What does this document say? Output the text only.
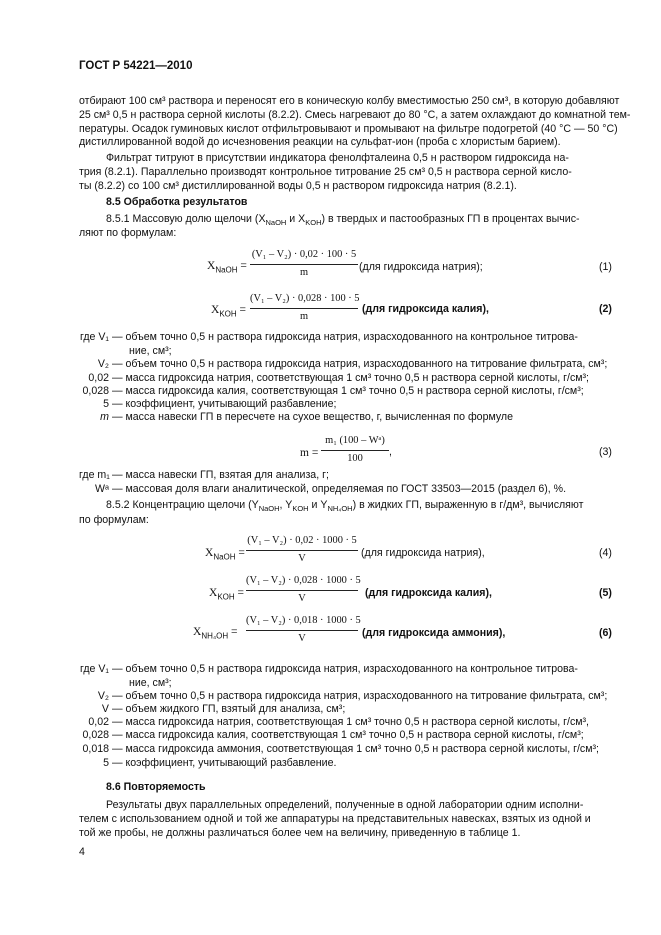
ГОСТ Р 54221—2010
отбирают 100 см³ раствора и переносят его в коническую колбу вместимостью 250 см³, в которую добавляют
25 см³ 0,5 н раствора серной кислоты (8.2.2). Смесь нагревают до 80 °С, а затем охлаждают до комнатной тем-
пературы. Осадок гуминовых кислот отфильтровывают и промывают на фильтре подогретой (40 °С — 50 °С)
дистиллированной водой до исчезновения реакции на сульфат-ион (проба с хлористым барием).
Фильтрат титруют в присутствии индикатора фенолфталеина 0,5 н раствором гидроксида на-
трия (8.2.1). Параллельно производят контрольное титрование 25 см³ 0,5 н раствора серной кисло-
ты (8.2.2) со 100 см³ дистиллированной воды 0,5 н раствором гидроксида натрия (8.2.1).
8.5 Обработка результатов
8.5.1 Массовую долю щелочи ($X_{NaOH}$ и $X_{KOH}$) в твердых и пастообразных ГП в процентах вычис-
ляют по формулам:
$X_{NaOH}$ =
(V₁ – V₂) · 0,02 · 100 · 5
m	(для гидроксида натрия);	(1)
$X_{KOH}$ =
(V₁ – V₂) · 0,028 · 100 · 5
m
(для гидроксида калия),	(2)
где V₁ — объем точно 0,5 н раствора гидроксида натрия, израсходованного на контрольное титрова-
ние, см³;
V₂ — объем точно 0,5 н раствора гидроксида натрия, израсходованного на титрование фильтрата, см³;
0,02 — масса гидроксида натрия, соответствующая 1 см³ точно 0,5 н раствора серной кислоты, г/см³;
0,028 — масса гидроксида калия, соответствующая 1 см³ точно 0,5 н раствора серной кислоты, г/см³;
5 — коэффициент, учитывающий разбавление;
m — масса навески ГП в пересчете на сухое вещество, г, вычисленная по формуле
m =
m₁ (100 – Wᵃ)
100
,	(3)
где m₁ — масса навески ГП, взятая для анализа, г;
Wᵃ — массовая доля влаги аналитической, определяемая по ГОСТ 33503—2015 (раздел 6), %.
8.5.2 Концентрацию щелочи ($Y_{NaOH}$, $Y_{KOH}$ и $Y_{NH_4OH}$) в жидких ГП, выраженную в г/дм³, вычисляют
по формулам:
$X_{NaOH}$ =
(V₁ – V₂) · 0,02 · 1000 · 5
V	(для гидроксида натрия),	(4)
$X_{KOH}$ =
(V₁ – V₂) · 0,028 · 1000 · 5
V	(для гидроксида калия),	(5)
$X_{NH_4OH}$ =
(V₁ – V₂) · 0,018 · 1000 · 5
V	(для гидроксида аммония),	(6)
где V₁ — объем точно 0,5 н раствора гидроксида натрия, израсходованного на контрольное титрова-
ние, см³;
V₂ — объем точно 0,5 н раствора гидроксида натрия, израсходованного на титрование фильтрата, см³;
V — объем жидкого ГП, взятый для анализа, см³;
0,02 — масса гидроксида натрия, соответствующая 1 см³ точно 0,5 н раствора серной кислоты, г/см³,
0,028 — масса гидроксида калия, соответствующая 1 см³ точно 0,5 н раствора серной кислоты, г/см³;
0,018 — масса гидроксида аммония, соответствующая 1 см³ точно 0,5 н раствора серной кислоты, г/см³;
5 — коэффициент, учитывающий разбавление.
8.6 Повторяемость
Результаты двух параллельных определений, полученные в одной лаборатории одним исполни-
телем с использованием одной и той же аппаратуры на представительных навесках, взятых из одной и
той же пробы, не должны различаться более чем на величину, приведенную в таблице 1.
4
